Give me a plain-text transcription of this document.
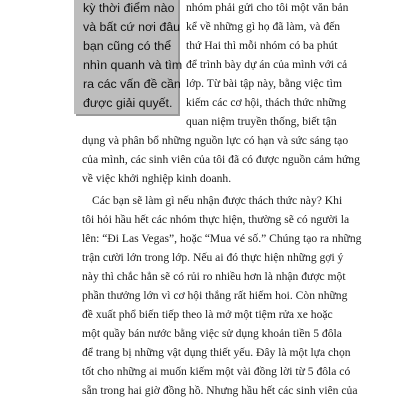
kỳ thời điểm nào
và bất cứ nơi đâu
bạn cũng có thể
nhìn quanh và tìm
ra các vấn đề cần
được giải quyết.
nhóm phải gửi cho tôi một văn bản
kể về những gì họ đã làm, và đến
thứ Hai thì mỗi nhóm có ba phút
để trình bày dự án của mình với cả
lớp. Từ bài tập này, bằng việc tìm
kiếm các cơ hội, thách thức những
quan niệm truyền thống, biết tận
dụng và phân bổ những nguồn lực có hạn và sức sáng tạo
của mình, các sinh viên của tôi đã có được nguồn cảm hứng
về việc khởi nghiệp kinh doanh.
Các bạn sẽ làm gì nếu nhận được thách thức này? Khi
tôi hỏi hầu hết các nhóm thực hiện, thường sẽ có người la
lên: “Đi Las Vegas”, hoặc “Mua vé số.” Chúng tạo ra những
trận cười lớn trong lớp. Nếu ai đó thực hiện những gợi ý
này thì chắc hẳn sẽ có rủi ro nhiều hơn là nhận được một
phần thưởng lớn vì cơ hội thắng rất hiếm hoi. Còn những
đề xuất phổ biến tiếp theo là mở một tiệm rửa xe hoặc
một quầy bán nước bằng việc sử dụng khoản tiền 5 đôla
để trang bị những vật dụng thiết yếu. Đây là một lựa chọn
tốt cho những ai muốn kiếm một vài đồng lời từ 5 đôla có
sẵn trong hai giờ đồng hồ. Nhưng hầu hết các sinh viên của
